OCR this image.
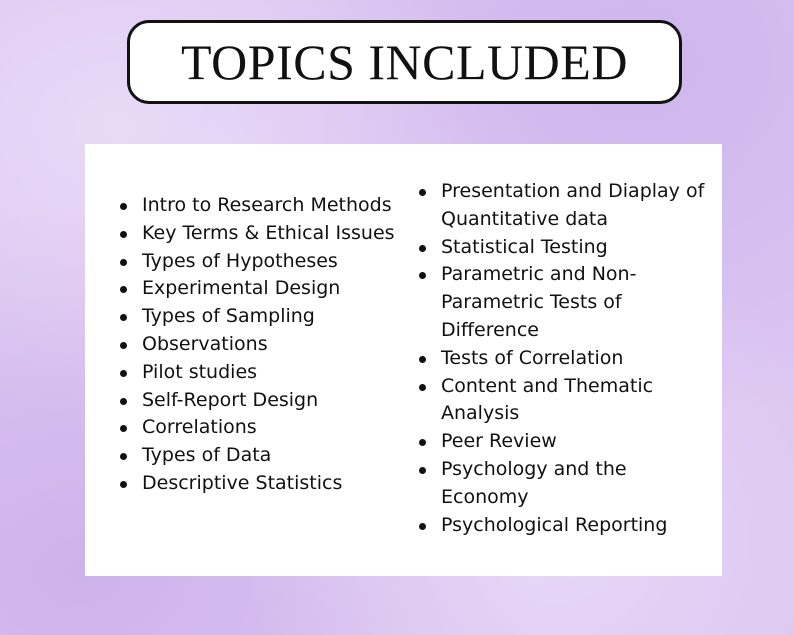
TOPICS INCLUDED
Intro to Research Methods
Key Terms & Ethical Issues
Types of Hypotheses
Experimental Design
Types of Sampling
Observations
Pilot studies
Self-Report Design
Correlations
Types of Data
Descriptive Statistics
Presentation and Diaplay of Quantitative data
Statistical Testing
Parametric and Non-Parametric Tests of Difference
Tests of Correlation
Content and Thematic Analysis
Peer Review
Psychology and the Economy
Psychological Reporting
